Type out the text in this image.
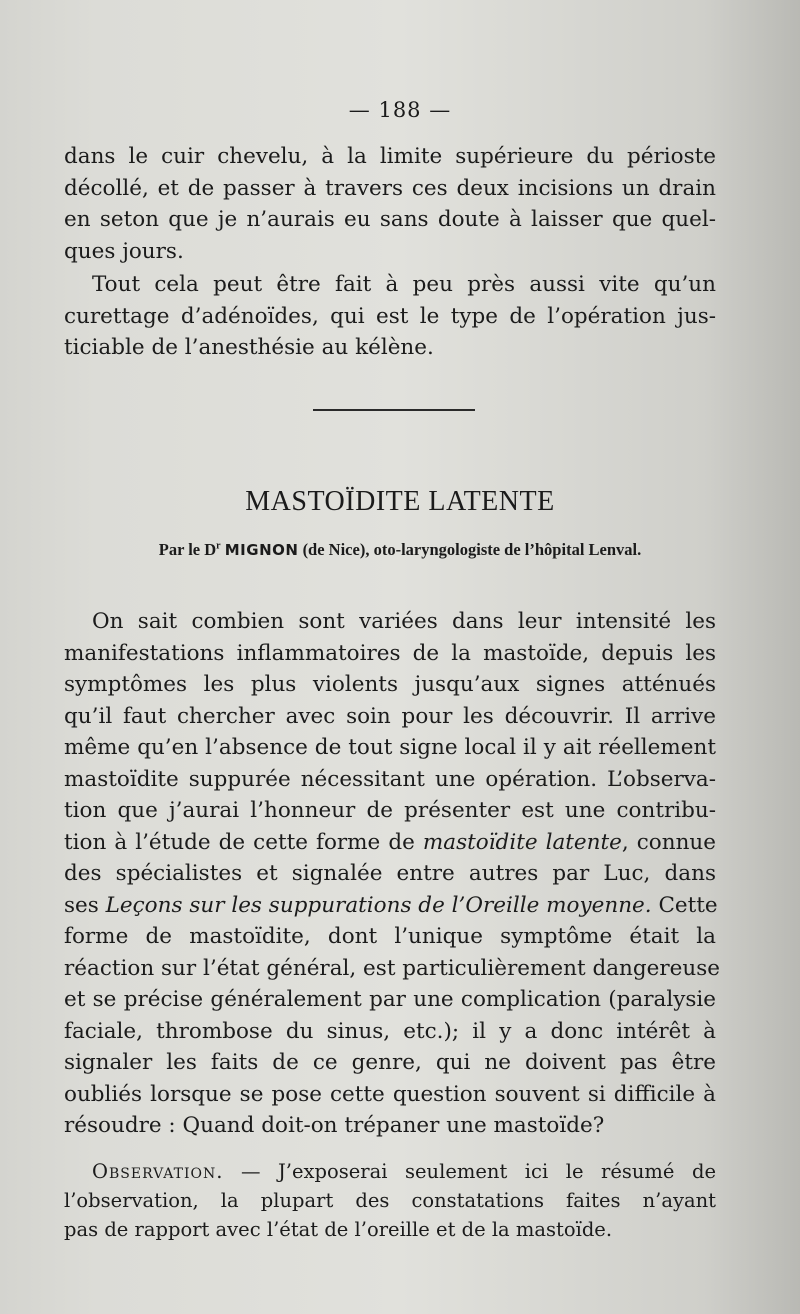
— 188 —
dans le cuir chevelu, à la limite supérieure du périoste
décollé, et de passer à travers ces deux incisions un drain
en seton que je n’aurais eu sans doute à laisser que quel-
ques jours.
Tout cela peut être fait à peu près aussi vite qu’un
curettage d’adénoïdes, qui est le type de l’opération jus-
ticiable de l’anesthésie au kélène.
MASTOÏDITE LATENTE
Par le $D^r$ MIGNON (de Nice), oto-laryngologiste de l’hôpital Lenval.
On sait combien sont variées dans leur intensité les
manifestations inflammatoires de la mastoïde, depuis les
symptômes les plus violents jusqu’aux signes atténués
qu’il faut chercher avec soin pour les découvrir. Il arrive
même qu’en l’absence de tout signe local il y ait réellement
mastoïdite suppurée nécessitant une opération. L’observa-
tion que j’aurai l’honneur de présenter est une contribu-
tion à l’étude de cette forme de mastoïdite latente, connue
des spécialistes et signalée entre autres par Luc, dans
ses Leçons sur les suppurations de l’Oreille moyenne. Cette
forme de mastoïdite, dont l’unique symptôme était la
réaction sur l’état général, est particulièrement dangereuse
et se précise généralement par une complication (paralysie
faciale, thrombose du sinus, etc.); il y a donc intérêt à
signaler les faits de ce genre, qui ne doivent pas être
oubliés lorsque se pose cette question souvent si difficile à
résoudre : Quand doit-on trépaner une mastoïde?
Observation. — J’exposerai seulement ici le résumé de
l’observation, la plupart des constatations faites n’ayant
pas de rapport avec l’état de l’oreille et de la mastoïde.
